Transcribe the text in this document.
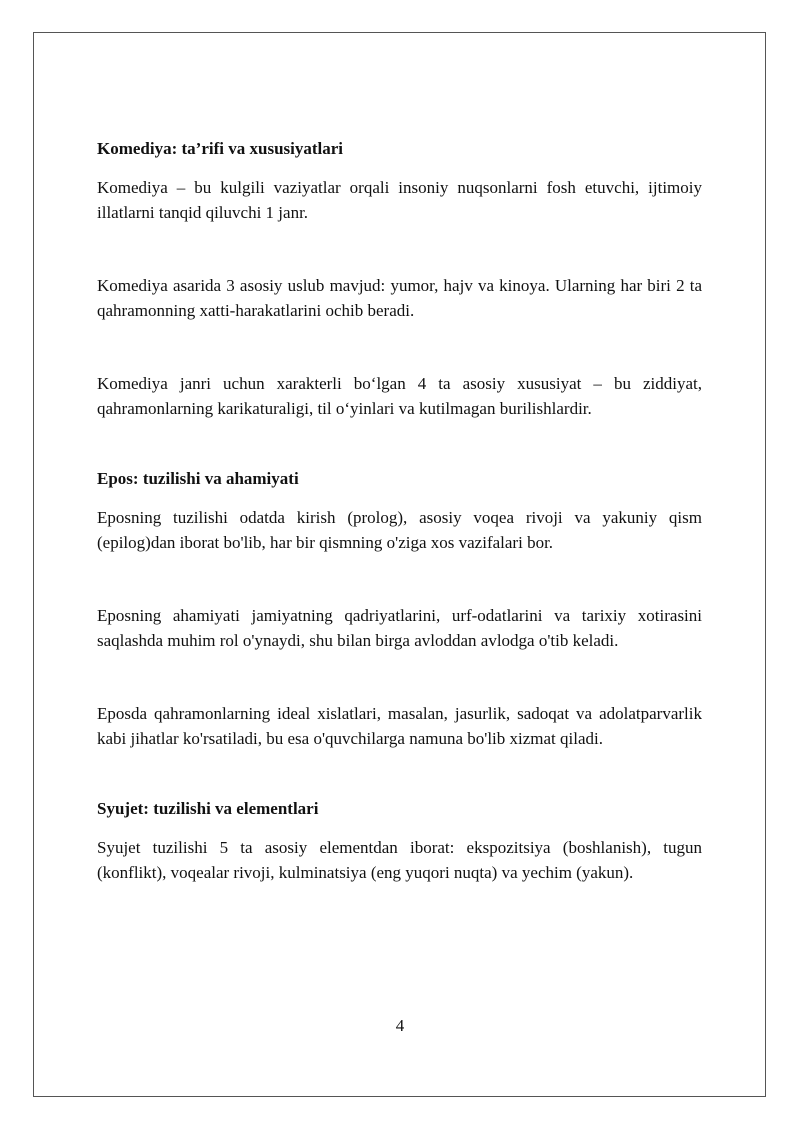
Komediya: ta’rifi va xususiyatlari

Komediya – bu kulgili vaziyatlar orqali insoniy nuqsonlarni fosh etuvchi, ijtimoiy illatlarni tanqid qiluvchi 1 janr.

Komediya asarida 3 asosiy uslub mavjud: yumor, hajv va kinoya. Ularning har biri 2 ta qahramonning xatti-harakatlarini ochib beradi.

Komediya janri uchun xarakterli bo‘lgan 4 ta asosiy xususiyat – bu ziddiyat, qahramonlarning karikaturaligi, til o‘yinlari va kutilmagan burilishlardir.

Epos: tuzilishi va ahamiyati

Eposning tuzilishi odatda kirish (prolog), asosiy voqea rivoji va yakuniy qism (epilog)dan iborat bo'lib, har bir qismning o'ziga xos vazifalari bor.

Eposning ahamiyati jamiyatning qadriyatlarini, urf-odatlarini va tarixiy xotirasini saqlashda muhim rol o'ynaydi, shu bilan birga avloddan avlodga o'tib keladi.

Eposda qahramonlarning ideal xislatlari, masalan, jasurlik, sadoqat va adolatparvarlik kabi jihatlar ko'rsatiladi, bu esa o'quvchilarga namuna bo'lib xizmat qiladi.

Syujet: tuzilishi va elementlari

Syujet tuzilishi 5 ta asosiy elementdan iborat: ekspozitsiya (boshlanish), tugun (konflikt), voqealar rivoji, kulminatsiya (eng yuqori nuqta) va yechim (yakun).

4
